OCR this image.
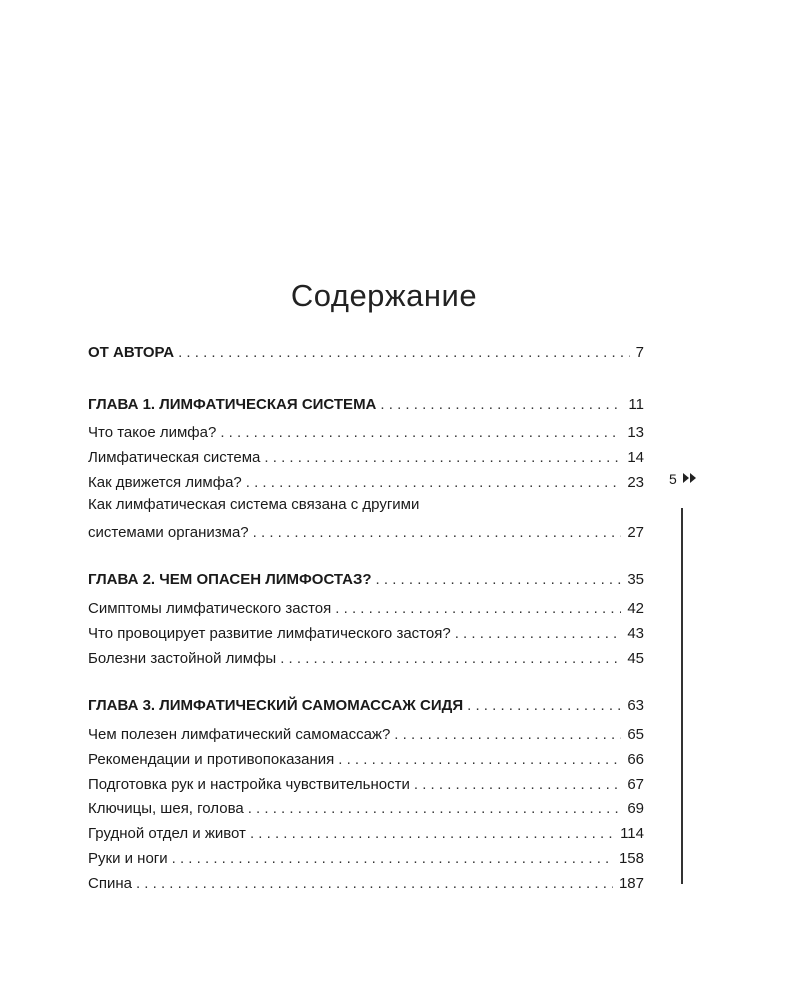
Содержание
ОТ АВТОРА . . .	7
ГЛАВА 1. ЛИМФАТИЧЕСКАЯ СИСТЕМА . . .	11
Что такое лимфа? . . .	13
Лимфатическая система . . .	14
Как движется лимфа? . . .	23
Как лимфатическая система связана с другими
системами организма? . . .	27
ГЛАВА 2. ЧЕМ ОПАСЕН ЛИМФОСТАЗ? . . .	35
Симптомы лимфатического застоя . . .	42
Что провоцирует развитие лимфатического застоя? . . .	43
Болезни застойной лимфы . . .	45
ГЛАВА 3. ЛИМФАТИЧЕСКИЙ САМОМАССАЖ СИДЯ . . .	63
Чем полезен лимфатический самомассаж? . . .	65
Рекомендации и противопоказания . . .	66
Подготовка рук и настройка чувствительности . . .	67
Ключицы, шея, голова . . .	69
Грудной отдел и живот . . .	114
Руки и ноги . . .	158
Спина . . .	187
5
